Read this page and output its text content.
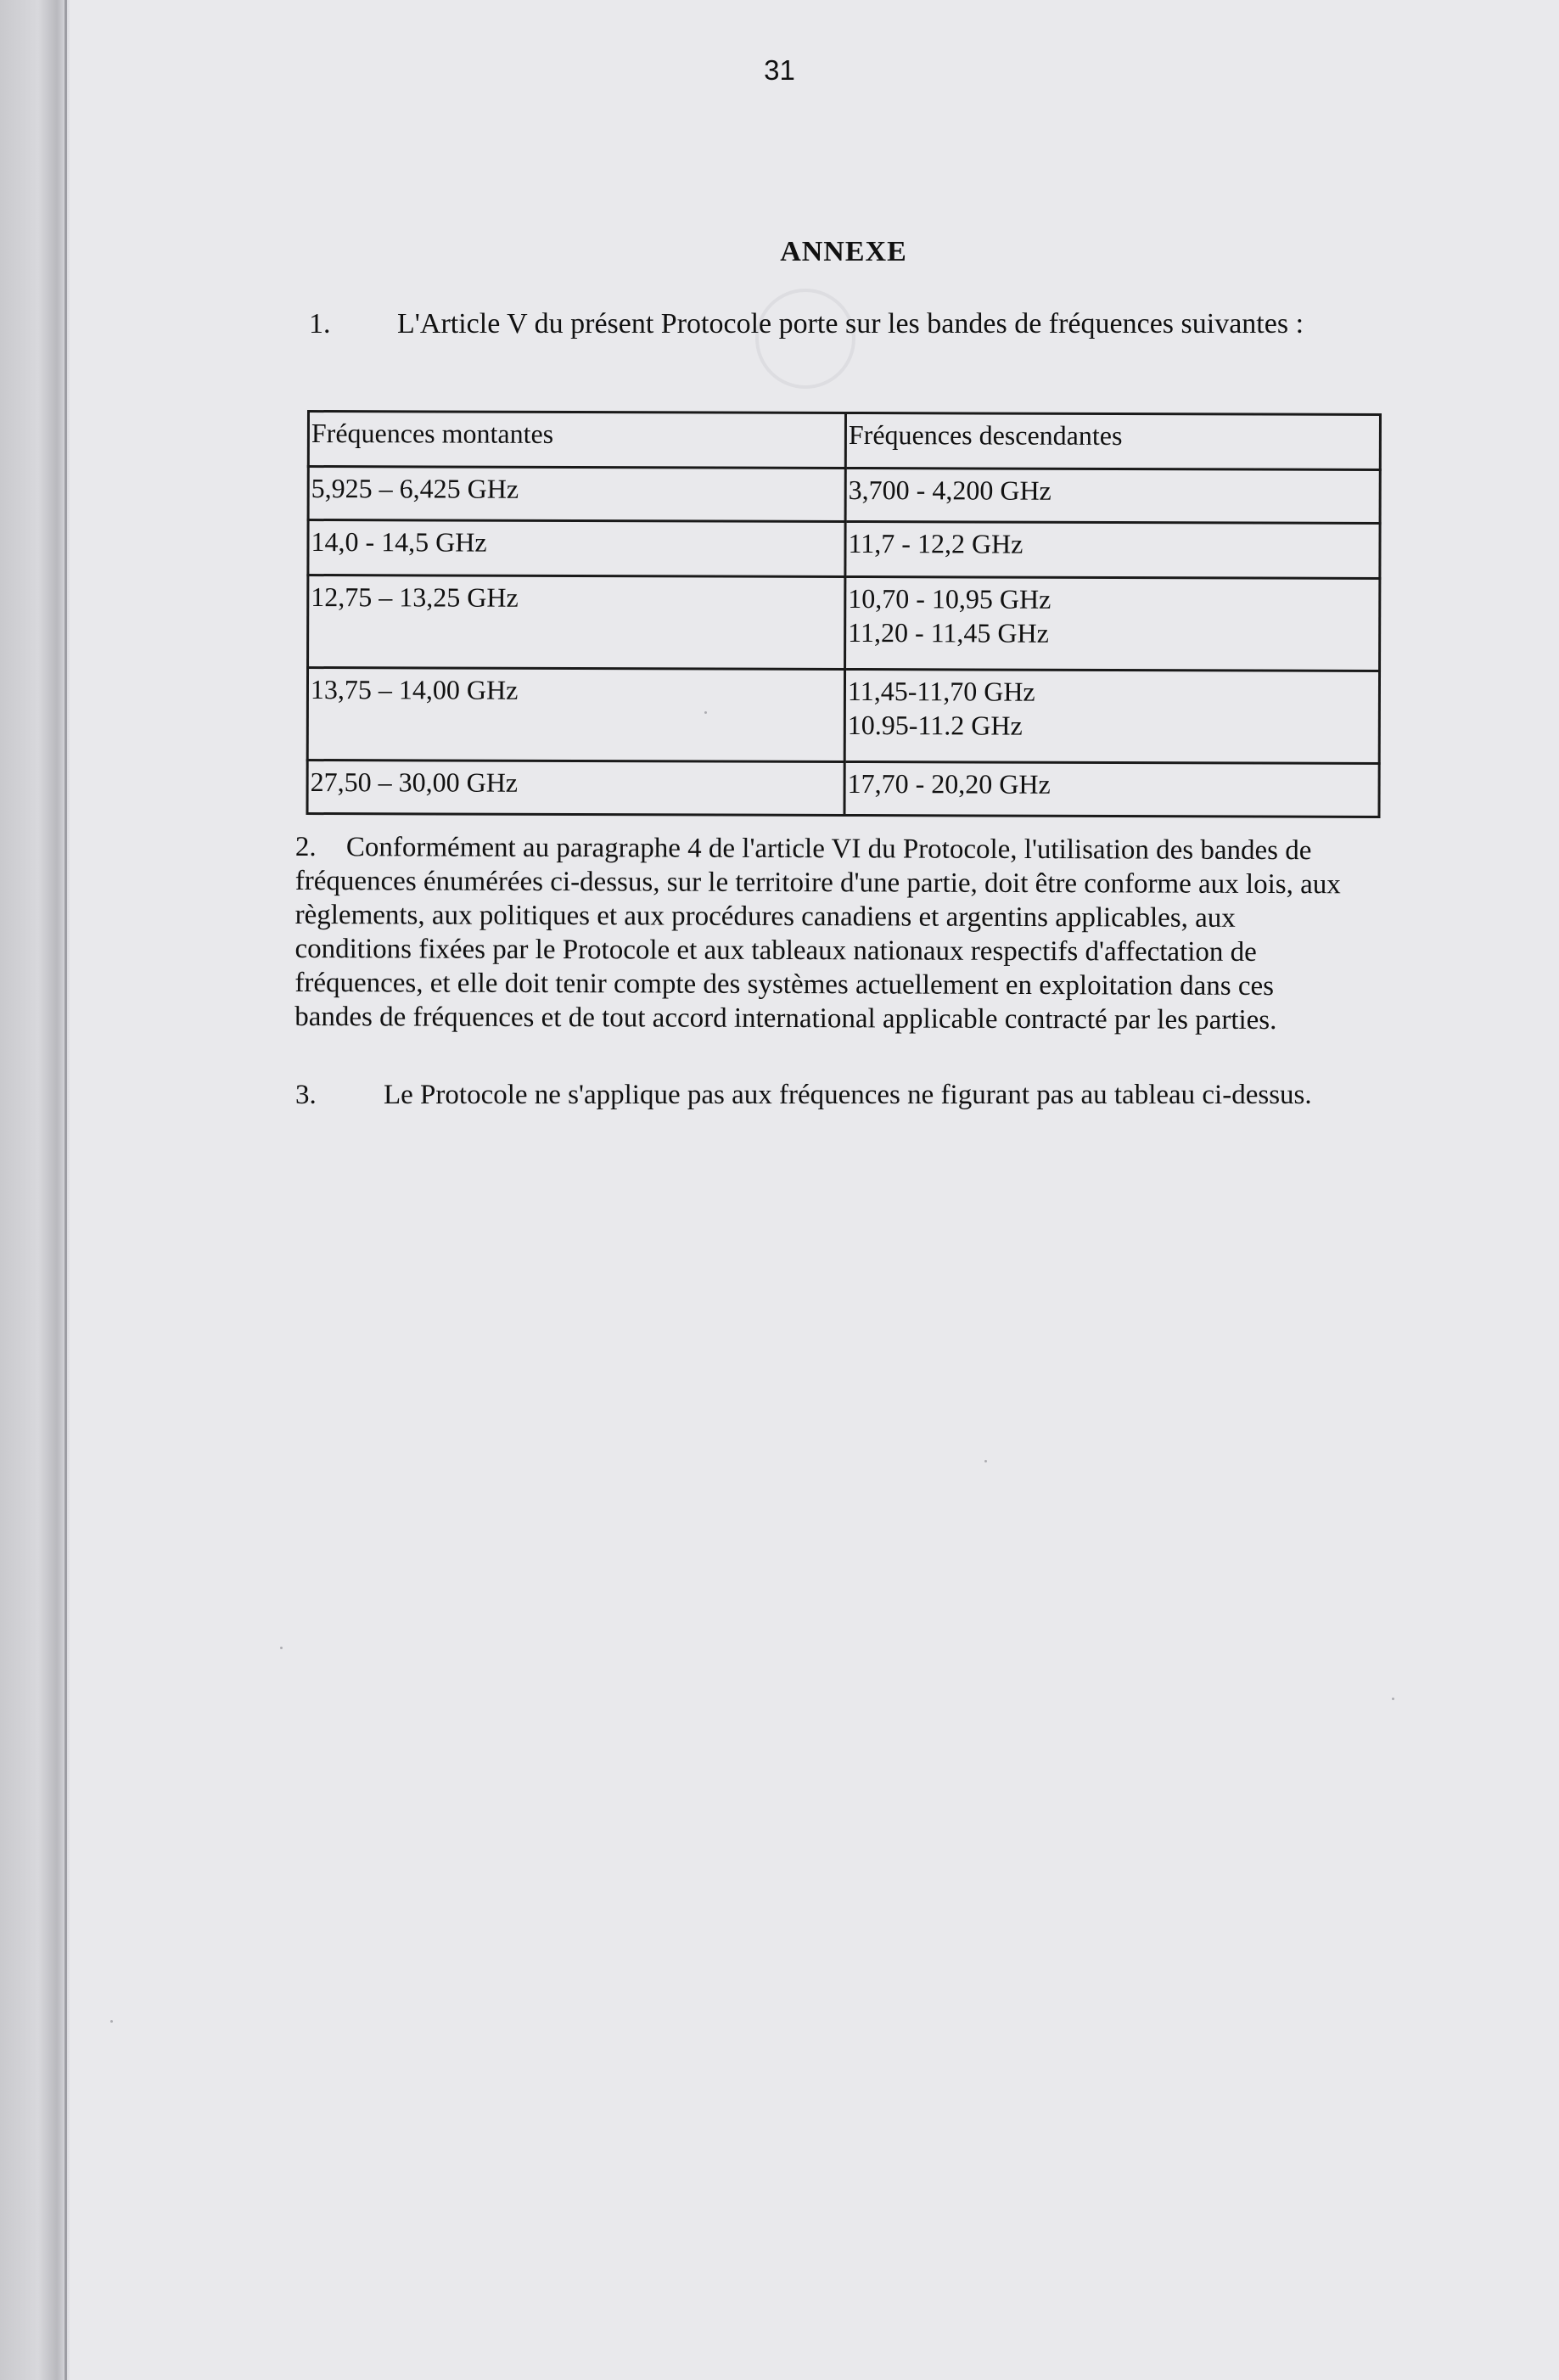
31
ANNEXE
1. L'Article V du présent Protocole porte sur les bandes de fréquences suivantes :
Fréquences montantes	Fréquences descendantes
5,925 – 6,425 GHz	3,700 - 4,200 GHz

14,0 - 14,5 GHz	11,7 - 12,2 GHz

12,75 – 13,25 GHz	10,70 - 10,95 GHz
11,20 - 11,45 GHz

13,75 – 14,00 GHz	11,45-11,70 GHz
10.95-11.2 GHz

27,50 – 30,00 GHz	17,70 - 20,20 GHz
2. Conformément au paragraphe 4 de l'article VI du Protocole, l'utilisation des bandes de fréquences énumérées ci-dessus, sur le territoire d'une partie, doit être conforme aux lois, aux règlements, aux politiques et aux procédures canadiens et argentins applicables, aux conditions fixées par le Protocole et aux tableaux nationaux respectifs d'affectation de fréquences, et elle doit tenir compte des systèmes actuellement en exploitation dans ces bandes de fréquences et de tout accord international applicable contracté par les parties.
3. Le Protocole ne s'applique pas aux fréquences ne figurant pas au tableau ci-dessus.
